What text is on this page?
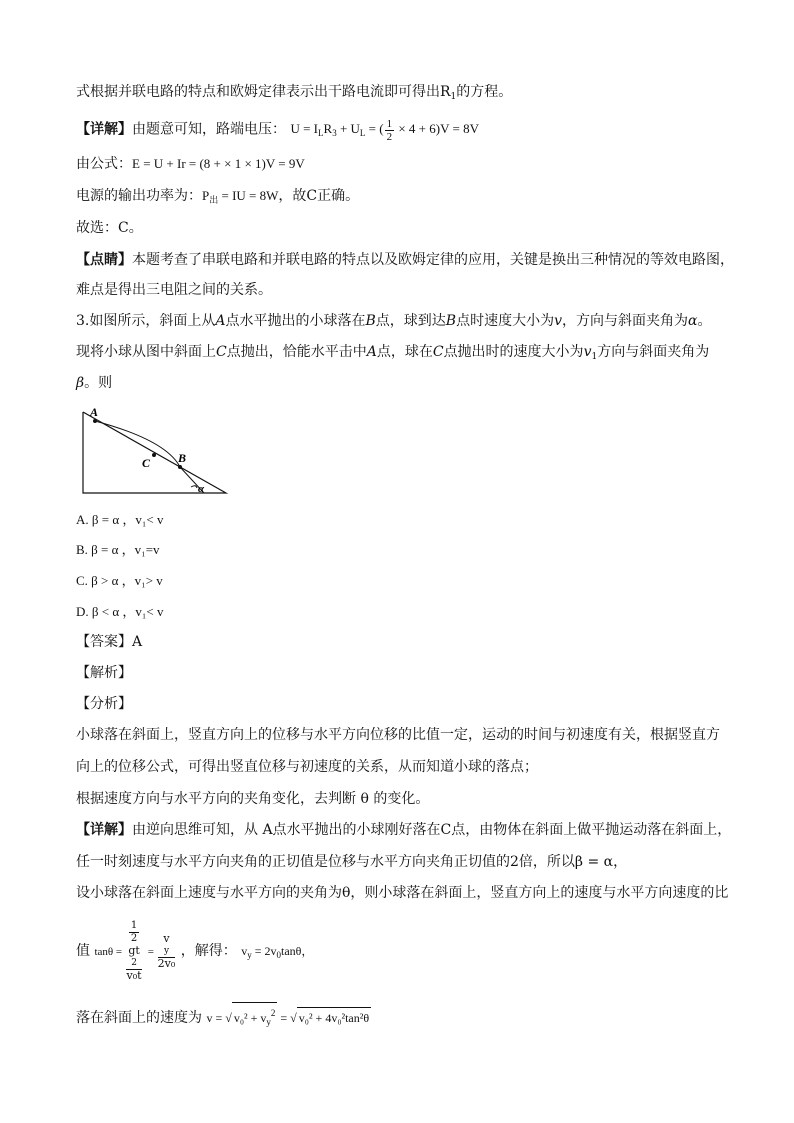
式根据并联电路的特点和欧姆定律表示出干路电流即可得出$R_1$的方程。
【详解】由题意可知，路端电压： $U = I_LR_3 + U_L$ = ( $\frac{1}{2} \times 4 + 6)V = 8V$
由公式：E = U + Ir = (8 + × 1 × 1)V = 9V
电源的输出功率为：$P_出$ = IU = 8W，故C正确。
故选：C。
【点睛】本题考查了串联电路和并联电路的特点以及欧姆定律的应用，关键是换出三种情况的等效电路图，
难点是得出三电阻之间的关系。
3.如图所示，斜面上从A点水平抛出的小球落在B点，球到达B点时速度大小为v，方向与斜面夹角为α。
现将小球从图中斜面上C点抛出，恰能水平击中A点，球在C点抛出时的速度大小为$v_1$方向与斜面夹角为
β。则
A
C B
α
A. β = α ，v₁< v
B. β = α ，v₁=v
C. β > α ，v₁> v
D. β < α ，v₁< v
【答案】A
【解析】
【分析】
小球落在斜面上，竖直方向上的位移与水平方向位移的比值一定，运动的时间与初速度有关，根据竖直方
向上的位移公式，可得出竖直位移与初速度的关系，从而知道小球的落点；
根据速度方向与水平方向的夹角变化，去判断 θ 的变化。
【详解】由逆向思维可知，从 A点水平抛出的小球刚好落在C点，由物体在斜面上做平抛运动落在斜面上，
任一时刻速度与水平方向夹角的正切值是位移与水平方向夹角正切值的2倍，所以β = α，
设小球落在斜面上速度与水平方向的夹角为θ，则小球落在斜面上，竖直方向上的速度与水平方向速度的比
值 tanθ = 1
2
gt
2
v₀t = v
y
2v₀ ，解得： $v_y = 2v_0\tan\theta$，
落在斜面上的速度为 v = √ $v_0^2 + v_y^2$ = √ v₀² + 4v₀²tan²θ
